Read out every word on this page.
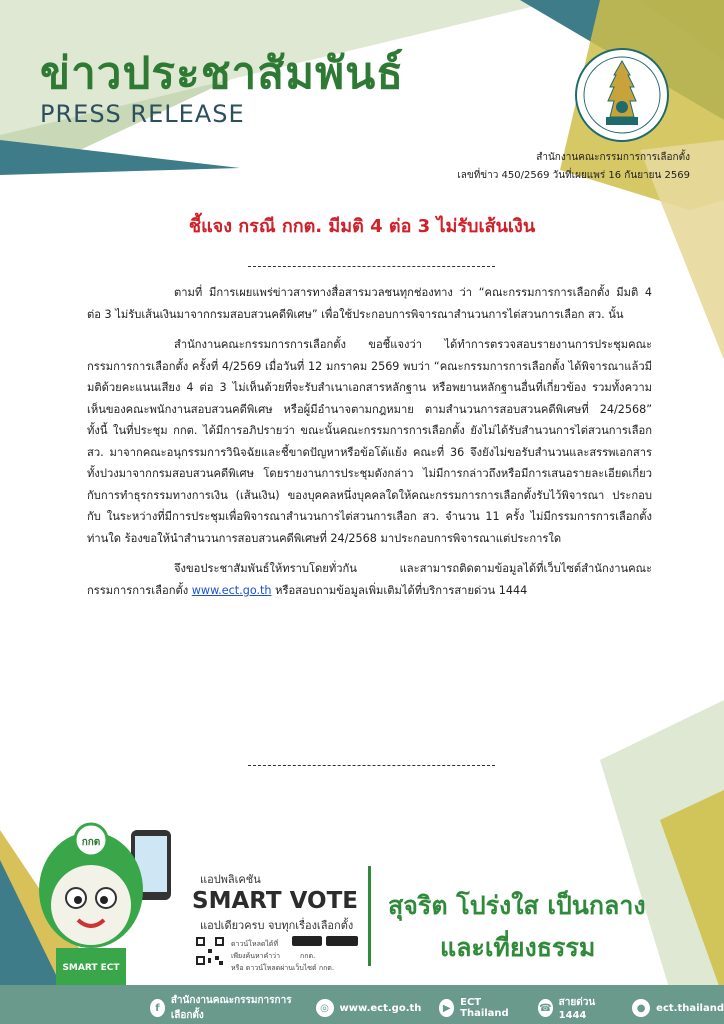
ข่าวประชาสัมพันธ์
PRESS RELEASE
สำนักงานคณะกรรมการการเลือกตั้ง
เลขที่ข่าว 450/2569 วันที่เผยแพร่ 16 กันยายน 2569
ชี้แจง กรณี กกต. มีมติ 4 ต่อ 3 ไม่รับเส้นเงิน

ตามที่ มีการเผยแพร่ข่าวสารทางสื่อสารมวลชนทุกช่องทาง ว่า “คณะกรรมการการเลือกตั้ง มีมติ 4 ต่อ 3 ไม่รับเส้นเงินมาจากกรมสอบสวนคดีพิเศษ” เพื่อใช้ประกอบการพิจารณาสำนวนการไต่สวนการเลือก สว. นั้น

สำนักงานคณะกรรมการการเลือกตั้ง ขอชี้แจงว่า ได้ทำการตรวจสอบรายงานการประชุมคณะกรรมการการเลือกตั้ง ครั้งที่ 4/2569 เมื่อวันที่ 12 มกราคม 2569 พบว่า “คณะกรรมการการเลือกตั้ง ได้พิจารณาแล้วมีมติด้วยคะแนนเสียง 4 ต่อ 3 ไม่เห็นด้วยที่จะรับสำเนาเอกสารหลักฐาน หรือพยานหลักฐานอื่นที่เกี่ยวข้อง รวมทั้งความเห็นของคณะพนักงานสอบสวนคดีพิเศษ หรือผู้มีอำนาจตามกฎหมาย ตามสำนวนการสอบสวนคดีพิเศษที่ 24/2568” ทั้งนี้ ในที่ประชุม กกต. ได้มีการอภิปรายว่า ขณะนั้นคณะกรรมการการเลือกตั้ง ยังไม่ได้รับสำนวนการไต่สวนการเลือก สว. มาจากคณะอนุกรรมการวินิจฉัยและชี้ขาดปัญหาหรือข้อโต้แย้ง คณะที่ 36 จึงยังไม่ขอรับสำนวนและสรรพเอกสารทั้งปวงมาจากกรมสอบสวนคดีพิเศษ โดยรายงานการประชุมดังกล่าว ไม่มีการกล่าวถึงหรือมีการเสนอรายละเอียดเกี่ยวกับการทำธุรกรรมทางการเงิน (เส้นเงิน) ของบุคคลหนึ่งบุคคลใดให้คณะกรรมการการเลือกตั้งรับไว้พิจารณา ประกอบกับ ในระหว่างที่มีการประชุมเพื่อพิจารณาสำนวนการไต่สวนการเลือก สว. จำนวน 11 ครั้ง ไม่มีกรรมการการเลือกตั้งท่านใด ร้องขอให้นำสำนวนการสอบสวนคดีพิเศษที่ 24/2568 มาประกอบการพิจารณาแต่ประการใด

จึงขอประชาสัมพันธ์ให้ทราบโดยทั่วกัน และสามารถติดตามข้อมูลได้ที่เว็บไซต์สำนักงานคณะกรรมการการเลือกตั้ง www.ect.go.th หรือสอบถามข้อมูลเพิ่มเติมได้ที่บริการสายด่วน 1444

กกต
SMART ECT
แอปพลิเคชัน
SMART VOTE
แอปเดียวครบ จบทุกเรื่องเลือกตั้ง
ดาวน์โหลดได้ที่
เพียงค้นหาคำว่า	กกต.
หรือ ดาวน์โหลดผ่านเว็บไซต์ กกต.
สุจริต โปร่งใส เป็นกลาง
และเที่ยงธรรม
f
สำนักงานคณะกรรมการการเลือกตั้ง
◎	www.ect.go.th	▶ ECT Thailand	☎ สายด่วน 1444
●	ect.thailand
